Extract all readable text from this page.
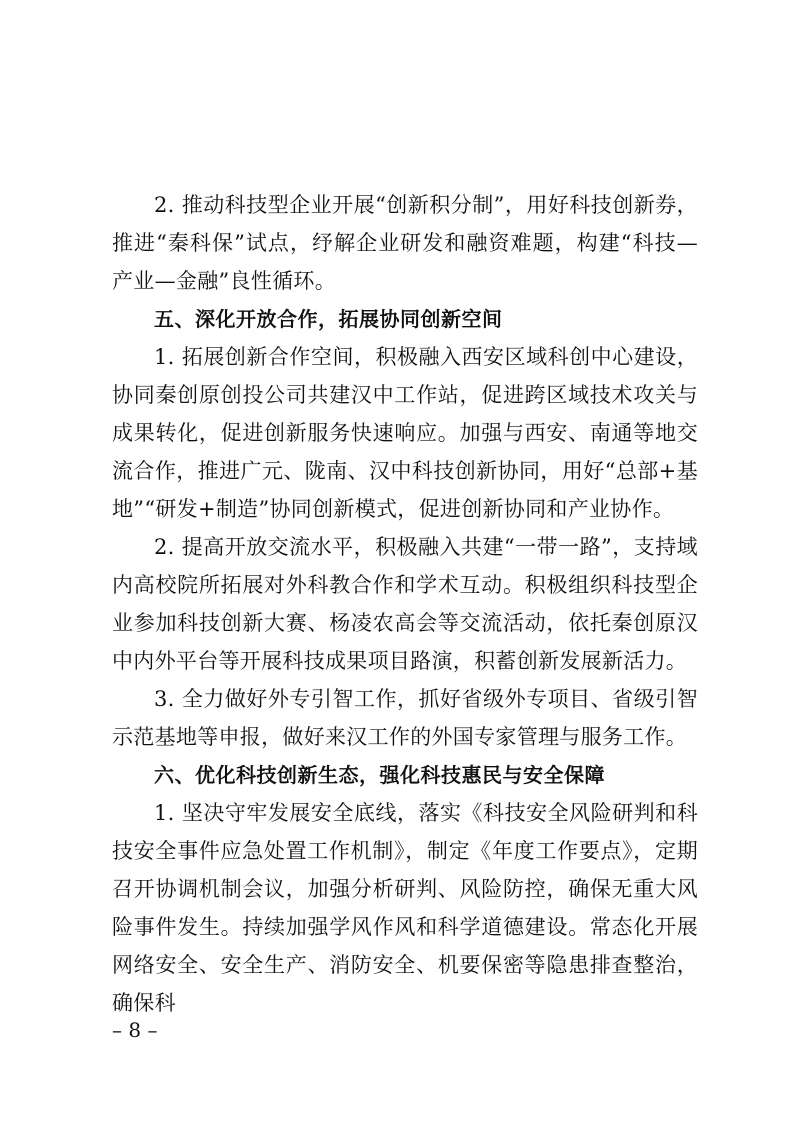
2. 推动科技型企业开展“创新积分制”，用好科技创新券，推进“秦科保”试点，纾解企业研发和融资难题，构建“科技—产业—金融”良性循环。

五、深化开放合作，拓展协同创新空间

1. 拓展创新合作空间，积极融入西安区域科创中心建设，协同秦创原创投公司共建汉中工作站，促进跨区域技术攻关与成果转化，促进创新服务快速响应。加强与西安、南通等地交流合作，推进广元、陇南、汉中科技创新协同，用好“总部+基地”“研发+制造”协同创新模式，促进创新协同和产业协作。

2. 提高开放交流水平，积极融入共建“一带一路”，支持域内高校院所拓展对外科教合作和学术互动。积极组织科技型企业参加科技创新大赛、杨凌农高会等交流活动，依托秦创原汉中内外平台等开展科技成果项目路演，积蓄创新发展新活力。

3. 全力做好外专引智工作，抓好省级外专项目、省级引智示范基地等申报，做好来汉工作的外国专家管理与服务工作。

六、优化科技创新生态，强化科技惠民与安全保障

1. 坚决守牢发展安全底线，落实《科技安全风险研判和科技安全事件应急处置工作机制》，制定《年度工作要点》，定期召开协调机制会议，加强分析研判、风险防控，确保无重大风险事件发生。持续加强学风作风和科学道德建设。常态化开展网络安全、安全生产、消防安全、机要保密等隐患排查整治，确保科

– 8 –
